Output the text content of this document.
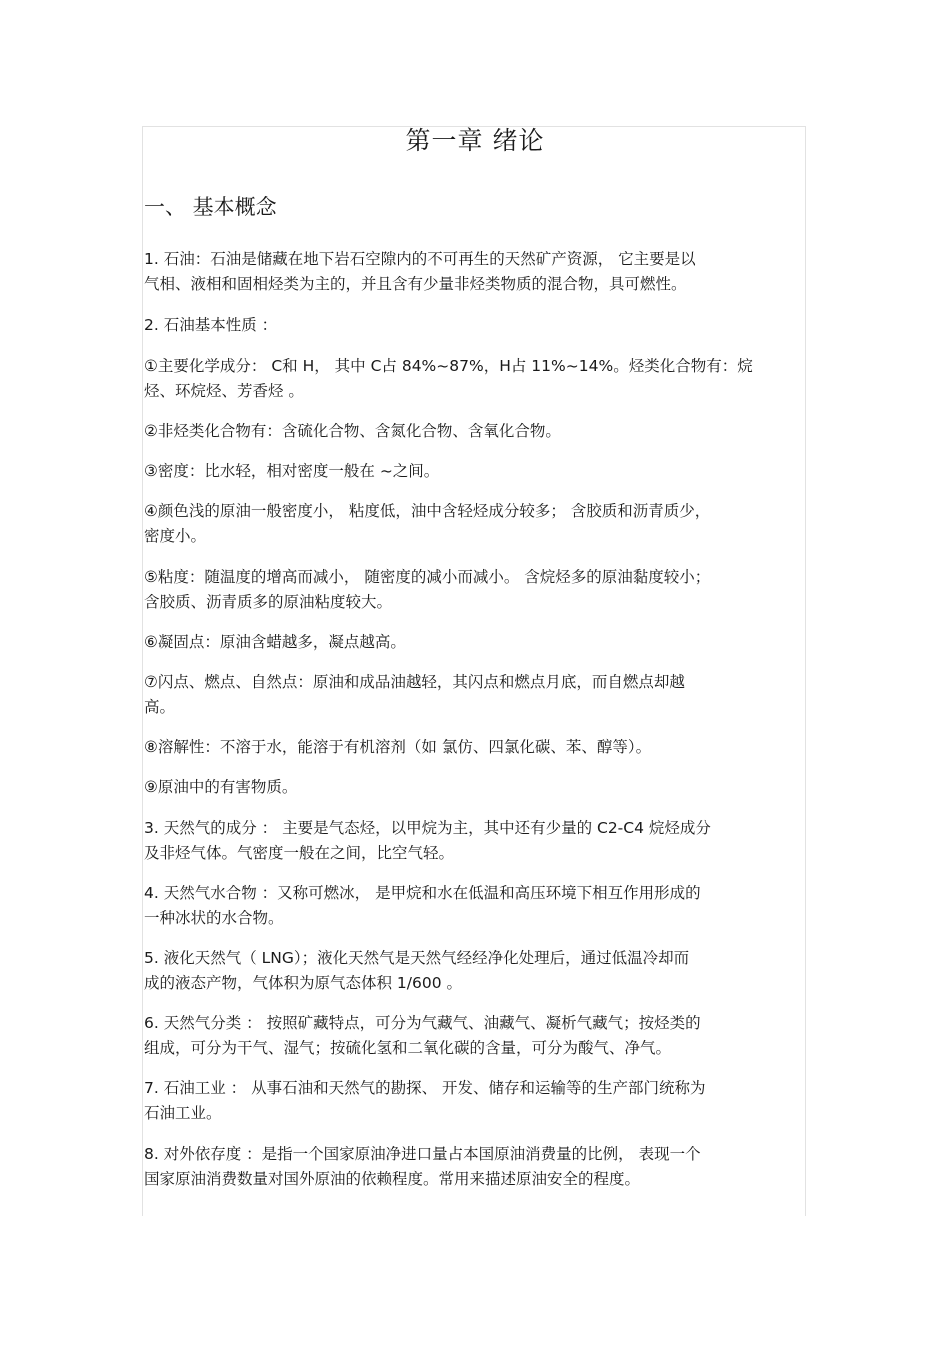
第一章 绪论
一、 基本概念

1. 石油：石油是储藏在地下岩石空隙内的不可再生的天然矿产资源， 它主要是以
气相、液相和固相烃类为主的，并且含有少量非烃类物质的混合物，具可燃性。

2. 石油基本性质 ：

①主要化学成分： C和 H， 其中 C占 84%~87%，H占 11%~14%。烃类化合物有：烷
烃、环烷烃、芳香烃 。

②非烃类化合物有：含硫化合物、含氮化合物、含氧化合物。

③密度：比水轻，相对密度一般在 ~之间。

④颜色浅的原油一般密度小， 粘度低，油中含轻烃成分较多； 含胶质和沥青质少，
密度小。

⑤粘度：随温度的增高而减小， 随密度的减小而减小。 含烷烃多的原油黏度较小；
含胶质、沥青质多的原油粘度较大。

⑥凝固点：原油含蜡越多，凝点越高。

⑦闪点、燃点、自然点：原油和成品油越轻，其闪点和燃点月底，而自燃点却越
高。

⑧溶解性：不溶于水，能溶于有机溶剂（如 氯仿、四氯化碳、苯、醇等）。

⑨原油中的有害物质。

3. 天然气的成分 ： 主要是气态烃，以甲烷为主，其中还有少量的 C2-C4 烷烃成分
及非烃气体。气密度一般在之间，比空气轻。

4. 天然气水合物 ：又称可燃冰， 是甲烷和水在低温和高压环境下相互作用形成的
一种冰状的水合物。

5. 液化天然气（ LNG）；液化天然气是天然气经经净化处理后，通过低温冷却而
成的液态产物，气体积为原气态体积 1/600 。

6. 天然气分类 ： 按照矿藏特点，可分为气藏气、油藏气、凝析气藏气；按烃类的
组成，可分为干气、湿气；按硫化氢和二氧化碳的含量，可分为酸气、净气。

7. 石油工业 ： 从事石油和天然气的勘探、 开发、储存和运输等的生产部门统称为
石油工业。

8. 对外依存度 ：是指一个国家原油净进口量占本国原油消费量的比例， 表现一个
国家原油消费数量对国外原油的依赖程度。常用来描述原油安全的程度。
